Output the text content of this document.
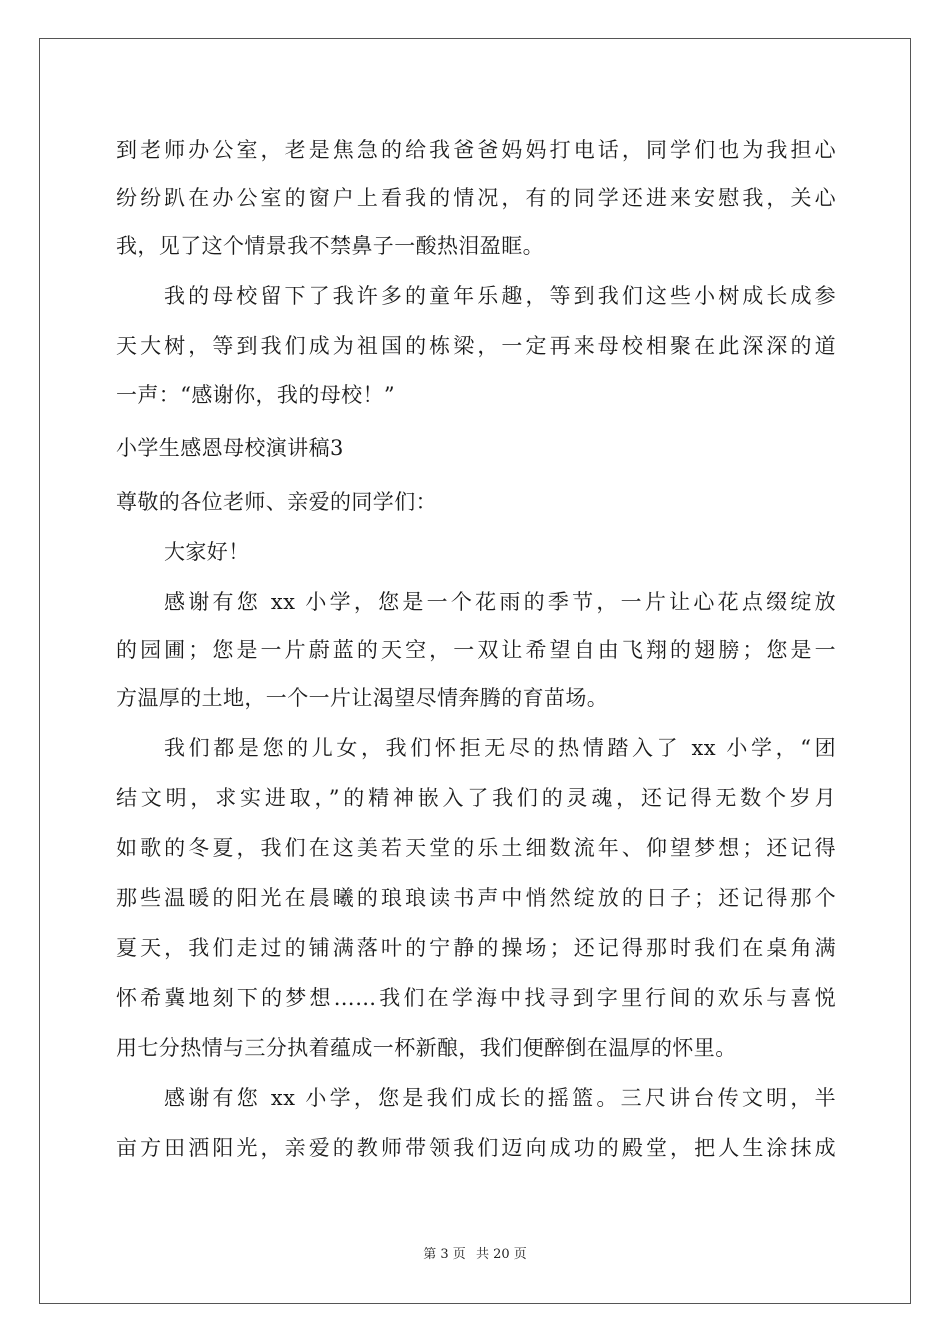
到老师办公室，老是焦急的给我爸爸妈妈打电话，同学们也为我担心
纷纷趴在办公室的窗户上看我的情况，有的同学还进来安慰我，关心
我，见了这个情景我不禁鼻子一酸热泪盈眶。
我的母校留下了我许多的童年乐趣，等到我们这些小树成长成参
天大树，等到我们成为祖国的栋梁，一定再来母校相聚在此深深的道
一声：“感谢你，我的母校！”
小学生感恩母校演讲稿3
尊敬的各位老师、亲爱的同学们：
大家好！
感谢有您 xx 小学，您是一个花雨的季节，一片让心花点缀绽放
的园圃；您是一片蔚蓝的天空，一双让希望自由飞翔的翅膀；您是一
方温厚的土地，一个一片让渴望尽情奔腾的育苗场。
我们都是您的儿女，我们怀拒无尽的热情踏入了 xx 小学，“团
结文明，求实进取，”的精神嵌入了我们的灵魂，还记得无数个岁月
如歌的冬夏，我们在这美若天堂的乐土细数流年、仰望梦想；还记得
那些温暖的阳光在晨曦的琅琅读书声中悄然绽放的日子；还记得那个
夏天，我们走过的铺满落叶的宁静的操场；还记得那时我们在桌角满
怀希冀地刻下的梦想……我们在学海中找寻到字里行间的欢乐与喜悦
用七分热情与三分执着蕴成一杯新酿，我们便醉倒在温厚的怀里。
感谢有您 xx 小学，您是我们成长的摇篮。三尺讲台传文明，半
亩方田洒阳光，亲爱的教师带领我们迈向成功的殿堂，把人生涂抹成
第 3 页 共 20 页
